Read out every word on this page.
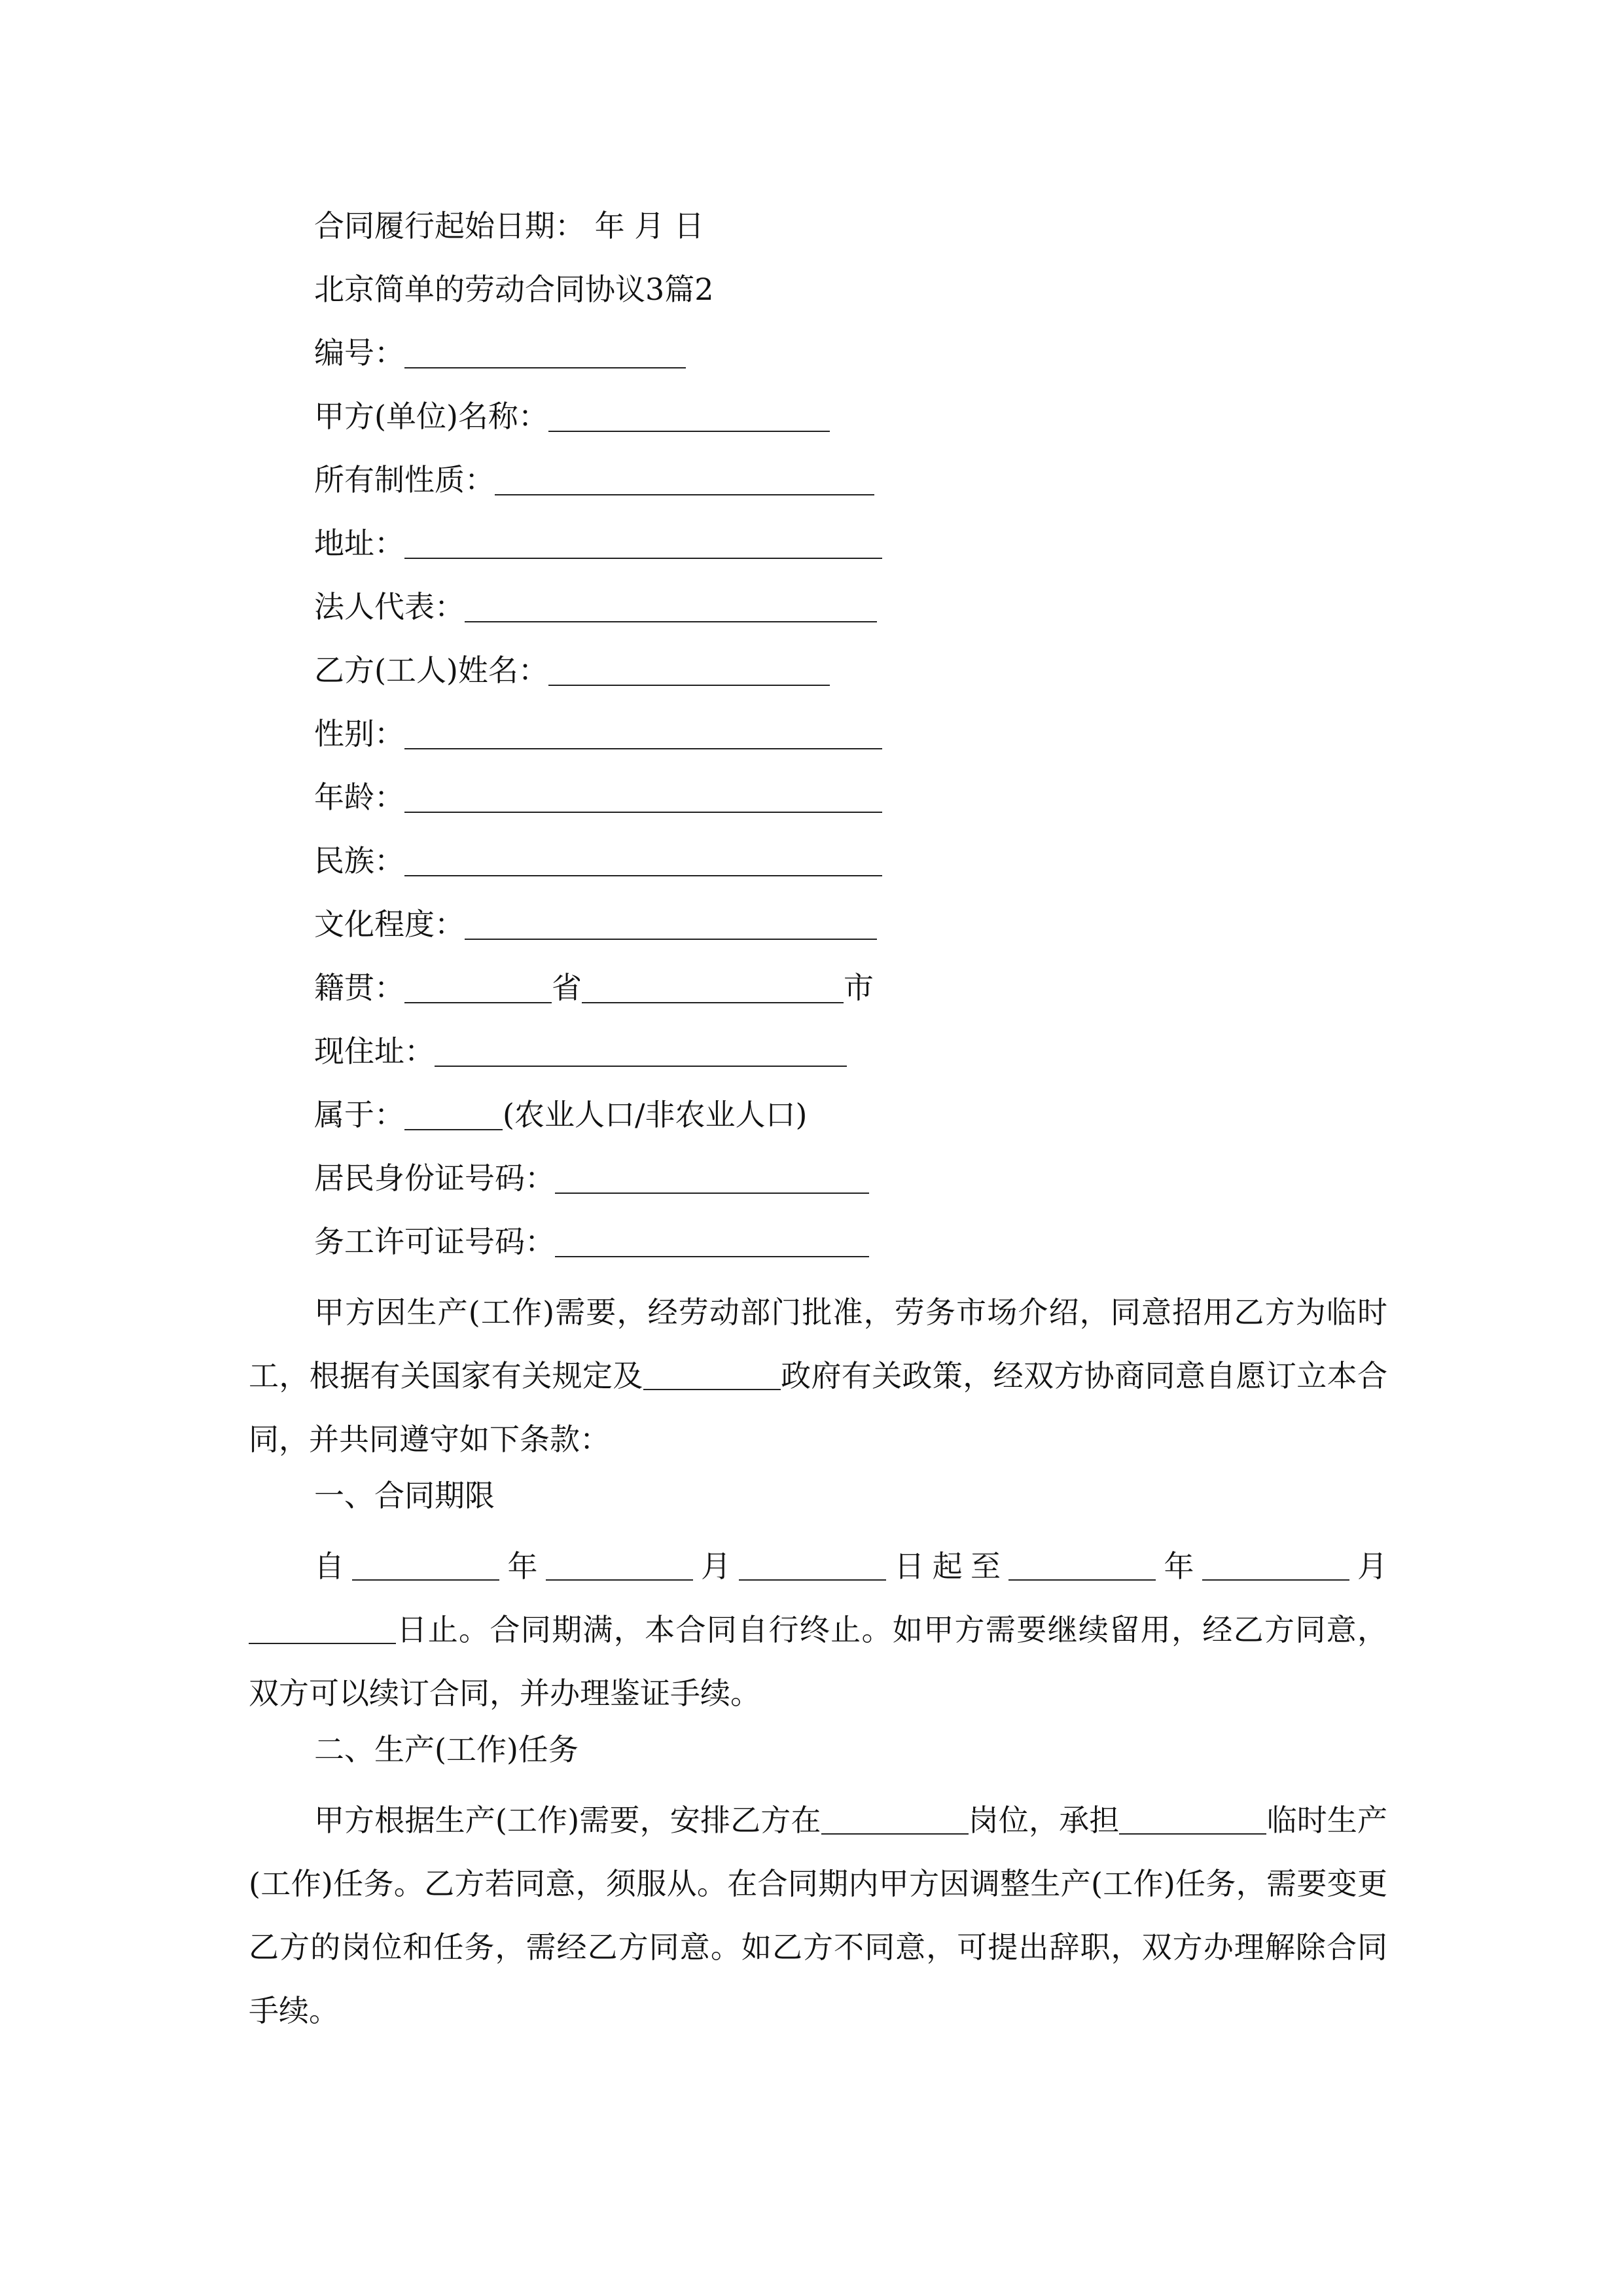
合同履行起始日期： 年 月 日
北京简单的劳动合同协议3篇2
编号：
甲方(单位)名称：
所有制性质：
地址：
法人代表：
乙方(工人)姓名：
性别：
年龄：
民族：
文化程度：
籍贯：	省	市
现住址：
属于：	(农业人口/非农业人口)
居民身份证号码：
务工许可证号码：
甲方因生产(工作)需要，经劳动部门批准，劳务市场介绍，同意招用乙方为临时工，根据有关国家有关规定及	政府有关政策，经双方协商同意自愿订立本合同，并共同遵守如下条款：
一、合同期限
自	年	月	日起至	年	月日止。合同期满，本合同自行终止。如甲方需要继续留用，经乙方同意，双方可以续订合同，并办理鉴证手续。
二、生产(工作)任务
甲方根据生产(工作)需要，安排乙方在	岗位，承担	临时生产(工作)任务。乙方若同意，须服从。在合同期内甲方因调整生产(工作)任务，需要变更乙方的岗位和任务，需经乙方同意。如乙方不同意，可提出辞职，双方办理解除合同手续。
